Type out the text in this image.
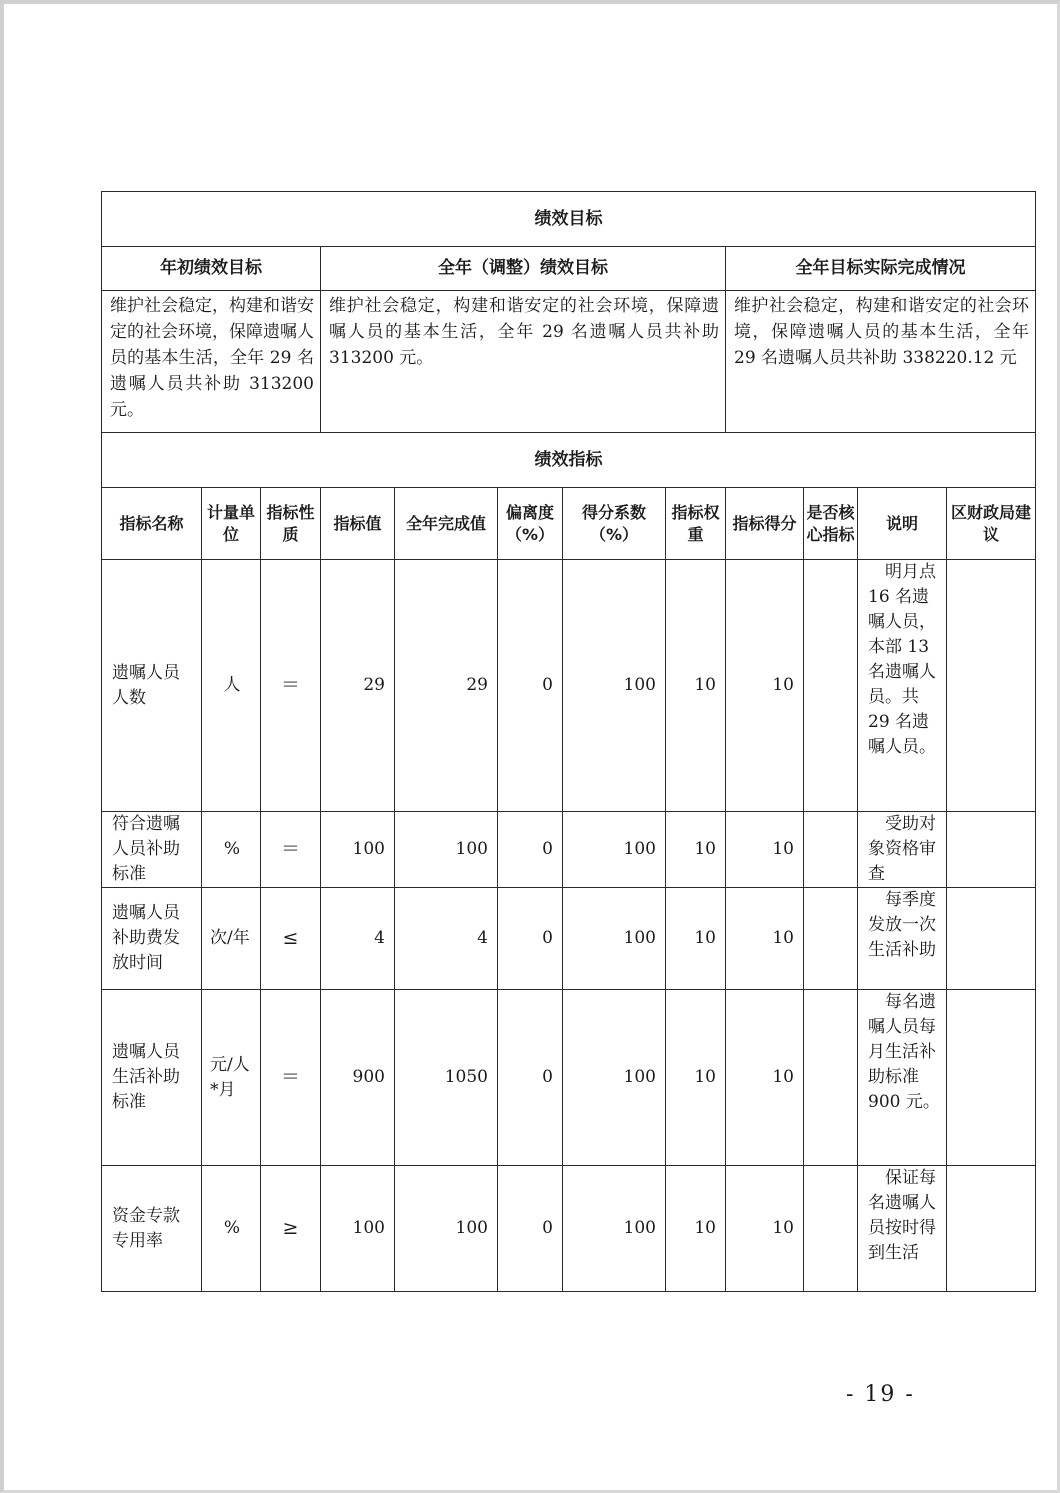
绩效目标											
年初绩效目标			全年（调整）绩效目标					全年目标实际完成情况			
维护社会稳定，构建和谐安定的社会环境，保障遗嘱人员的基本生活，全年 29 名遗嘱人员共补助 313200 元。			维护社会稳定，构建和谐安定的社会环境，保障遗嘱人员的基本生活，全年 29 名遗嘱人员共补助 313200 元。					维护社会稳定，构建和谐安定的社会环境，保障遗嘱人员的基本生活，全年 29 名遗嘱人员共补助 338220.12 元			
绩效指标											
指标名称	计量单位	指标性质	指标值	全年完成值	偏离度（%）	得分系数（%）	指标权重	指标得分	是否核心指标	说明	区财政局建议
遗嘱人员人数	人	＝	29	29	0	100	10	10		明月点 16 名遗嘱人员，本部 13 名遗嘱人员。共 29 名遗嘱人员。	
符合遗嘱人员补助标准	%	＝	100	100	0	100	10	10		受助对象资格审查	
遗嘱人员补助费发放时间	次/年	≤	4	4	0	100	10	10		每季度发放一次生活补助	
遗嘱人员生活补助标准	元/人*月	＝	900	1050	0	100	10	10		每名遗嘱人员每月生活补助标准 900 元。	
资金专款专用率	%	≥	100	100	0	100	10	10		保证每名遗嘱人员按时得到生活	
- 19 -
